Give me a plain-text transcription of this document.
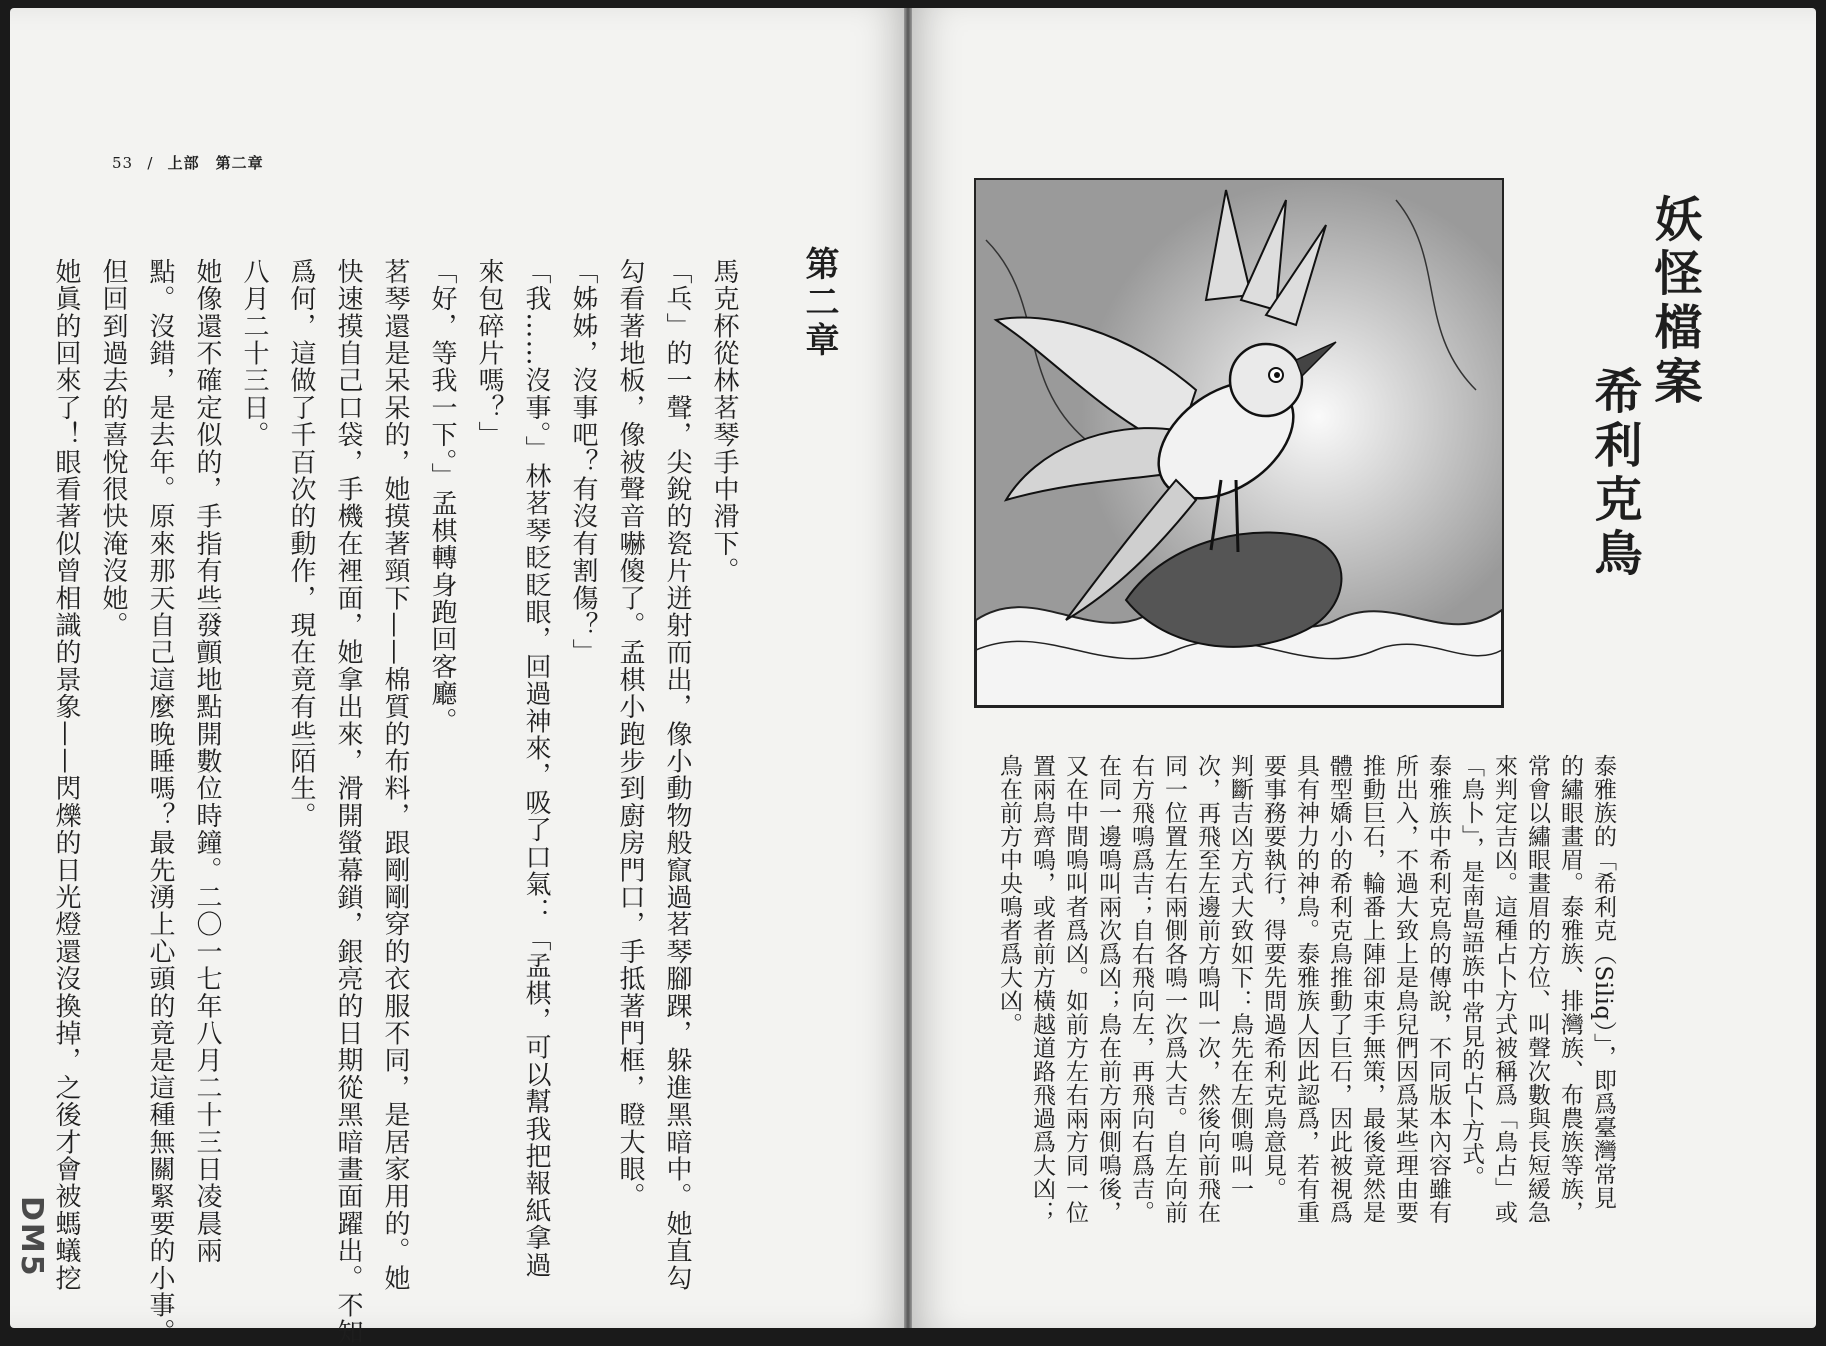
53 / 上部　第二章
第二章
馬克杯從林茗琴手中滑下。
「乓」的一聲，尖銳的瓷片迸射而出，像小動物般竄過茗琴腳踝，躲進黑暗中。她直勾
勾看著地板，像被聲音嚇傻了。孟棋小跑步到廚房門口，手抵著門框，瞪大眼。
「姊姊，沒事吧？有沒有割傷？」
「我……沒事。」林茗琴眨眨眼，回過神來，吸了口氣：「孟棋，可以幫我把報紙拿過
來包碎片嗎？」
「好，等我一下。」孟棋轉身跑回客廳。
茗琴還是呆呆的，她摸著頸下——棉質的布料，跟剛剛穿的衣服不同，是居家用的。她
快速摸自己口袋，手機在裡面，她拿出來，滑開螢幕鎖，銀亮的日期從黑暗畫面躍出。不知
爲何，這做了千百次的動作，現在竟有些陌生。
八月二十三日。
她像還不確定似的，手指有些發顫地點開數位時鐘。二〇一七年八月二十三日凌晨兩
點。沒錯，是去年。原來那天自己這麼晚睡嗎？最先湧上心頭的竟是這種無關緊要的小事。
但回到過去的喜悅很快淹沒她。
她眞的回來了！眼看著似曾相識的景象——閃爍的日光燈還沒換掉，之後才會被螞蟻挖	妖怪檔案
希利克鳥
泰雅族的「希利克（Siliq）」，即爲臺灣常見
的繡眼畫眉。泰雅族、排灣族、布農族等族，
常會以繡眼畫眉的方位、叫聲次數與長短緩急
來判定吉凶。這種占卜方式被稱爲「鳥占」或
「鳥卜」，是南島語族中常見的占卜方式。
泰雅族中希利克鳥的傳說，不同版本內容雖有
所出入，不過大致上是鳥兒們因爲某些理由要
推動巨石，輪番上陣卻束手無策，最後竟然是
體型嬌小的希利克鳥推動了巨石，因此被視爲
具有神力的神鳥。泰雅族人因此認爲，若有重
要事務要執行，得要先問過希利克鳥意見。
判斷吉凶方式大致如下：鳥先在左側鳴叫一
次，再飛至左邊前方鳴叫一次，然後向前飛在
同一位置左右兩側各鳴一次爲大吉。自左向前
右方飛鳴爲吉；自右飛向左，再飛向右爲吉。
在同一邊鳴叫兩次爲凶；鳥在前方兩側鳴後，
又在中間鳴叫者爲凶。如前方左右兩方同一位
置兩鳥齊鳴，或者前方橫越道路飛過爲大凶；
鳥在前方中央鳴者爲大凶。
DM5
